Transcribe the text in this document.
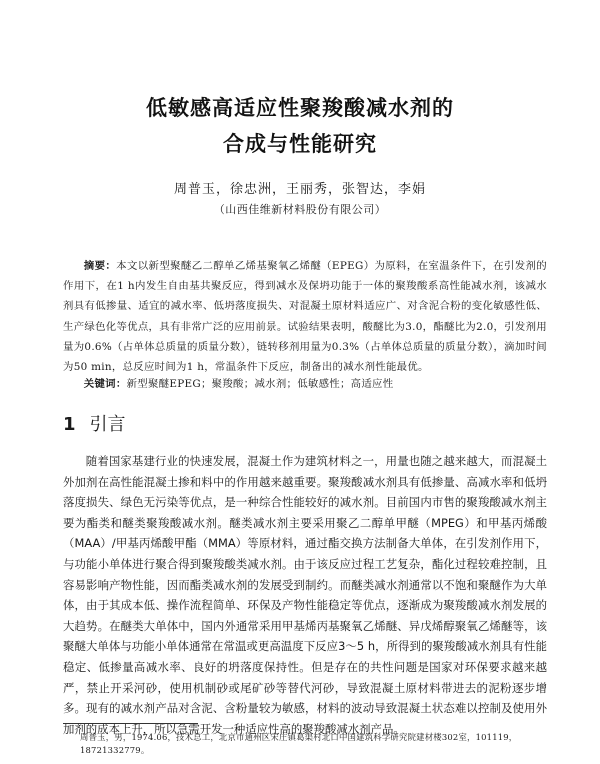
低敏感高适应性聚羧酸减水剂的
合成与性能研究
周普玉，徐忠洲，王丽秀，张智达，李娟
（山西佳维新材料股份有限公司）
摘要：本文以新型聚醚乙二醇单乙烯基聚氧乙烯醚（EPEG）为原料，在室温条件下，在引发剂的作用下，在1 h内发生自由基共聚反应，得到减水及保坍功能于一体的聚羧酸系高性能减水剂，该减水剂具有低掺量、适宜的减水率、低坍落度损失、对混凝土原材料适应广、对含泥合粉的变化敏感性低、生产绿色化等优点，具有非常广泛的应用前景。试验结果表明，酸醚比为3.0，酯醚比为2.0，引发剂用量为0.6%（占单体总质量的质量分数），链转移剂用量为0.3%（占单体总质量的质量分数），滴加时间为50 min，总反应时间为1 h，常温条件下反应，制备出的减水剂性能最优。
关键词：新型聚醚EPEG；聚羧酸；减水剂；低敏感性；高适应性
1 引言
随着国家基建行业的快速发展，混凝土作为建筑材料之一，用量也随之越来越大，而混凝土外加剂在高性能混凝土掺和料中的作用越来越重要。聚羧酸减水剂具有低掺量、高减水率和低坍落度损失、绿色无污染等优点，是一种综合性能较好的减水剂。目前国内市售的聚羧酸减水剂主要为酯类和醚类聚羧酸减水剂。醚类减水剂主要采用聚乙二醇单甲醚（MPEG）和甲基丙烯酸（MAA）/甲基丙烯酸甲酯（MMA）等原材料，通过酯交换方法制备大单体，在引发剂作用下，与功能小单体进行聚合得到聚羧酸类减水剂。由于该反应过程工艺复杂，酯化过程较难控制，且容易影响产物性能，因而酯类减水剂的发展受到制约。而醚类减水剂通常以不饱和聚醚作为大单体，由于其成本低、操作流程简单、环保及产物性能稳定等优点，逐渐成为聚羧酸减水剂发展的大趋势。在醚类大单体中，国内外通常采用甲基烯丙基聚氧乙烯醚、异戊烯醇聚氧乙烯醚等，该聚醚大单体与功能小单体通常在常温或更高温度下反应3～5 h，所得到的聚羧酸减水剂具有性能稳定、低掺量高减水率、良好的坍落度保持性。但是存在的共性问题是国家对环保要求越来越严，禁止开采河砂，使用机制砂或尾矿砂等替代河砂，导致混凝土原材料带进去的泥粉逐步增多。现有的减水剂产品对含泥、含粉量较为敏感，材料的波动导致混凝土状态难以控制及使用外加剂的成本上升，所以急需开发一种适应性高的聚羧酸减水剂产品。
周普玉，男，1974.06，技术总工，北京市通州区宋庄镇葛渠村北口中国建筑科学研究院建材楼302室，101119，18721332779。
